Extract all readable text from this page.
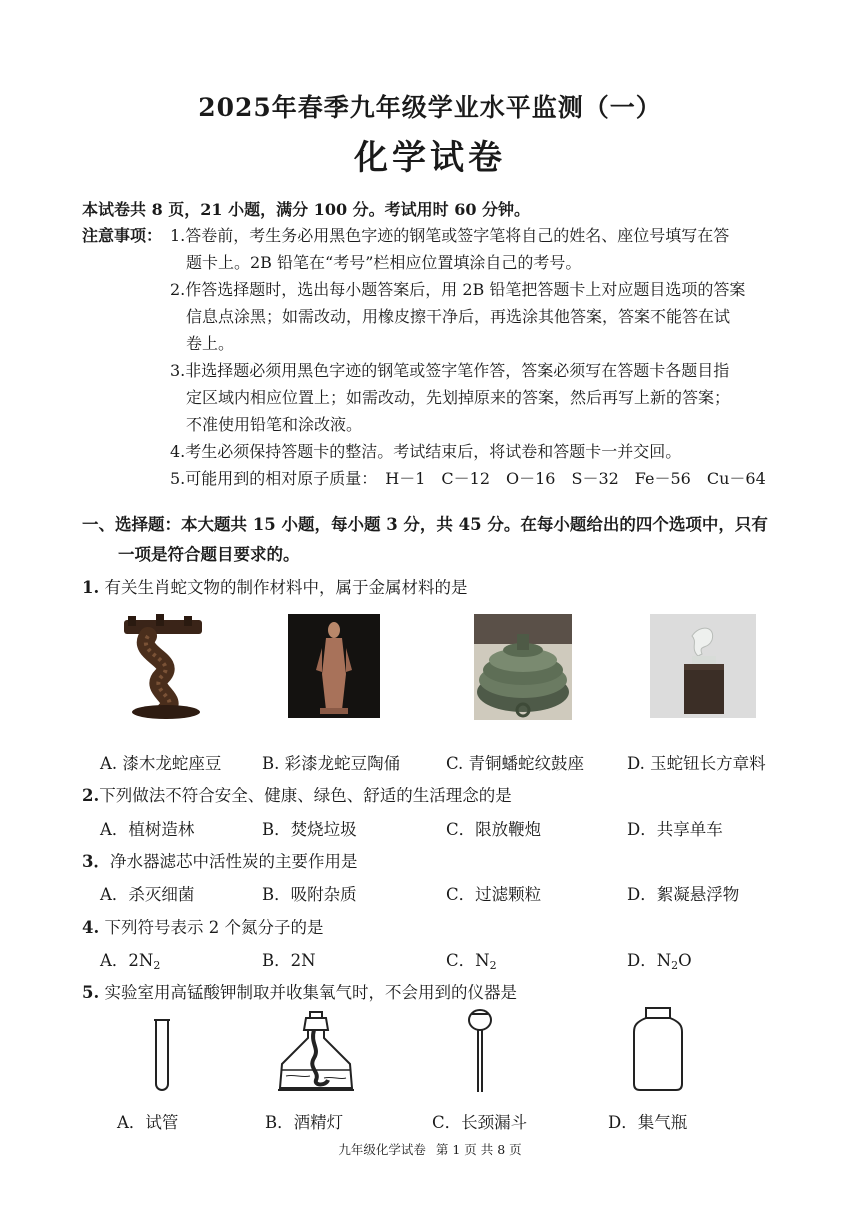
2025年春季九年级学业水平监测（一）
化学试卷
本试卷共 8 页，21 小题，满分 100 分。考试用时 60 分钟。
注意事项： 1.答卷前，考生务必用黑色字迹的钢笔或签字笔将自己的姓名、座位号填写在答
题卡上。2B 铅笔在“考号”栏相应位置填涂自己的考号。
2.作答选择题时，选出每小题答案后，用 2B 铅笔把答题卡上对应题目选项的答案
信息点涂黑；如需改动，用橡皮擦干净后，再选涂其他答案，答案不能答在试
卷上。
3.非选择题必须用黑色字迹的钢笔或签字笔作答，答案必须写在答题卡各题目指
定区域内相应位置上；如需改动，先划掉原来的答案，然后再写上新的答案；
不准使用铅笔和涂改液。
4.考生必须保持答题卡的整洁。考试结束后，将试卷和答题卡一并交回。
5.可能用到的相对原子质量：　H－1　C－12　O－16　S－32　Fe－56　Cu－64
一、选择题：本大题共 15 小题，每小题 3 分，共 45 分。在每小题给出的四个选项中，只有
一项是符合题目要求的。
1. 有关生肖蛇文物的制作材料中，属于金属材料的是
A. 漆木龙蛇座豆 B. 彩漆龙蛇豆陶俑	C. 青铜蟠蛇纹鼓座	D. 玉蛇钮长方章料
2.下列做法不符合安全、健康、绿色、舒适的生活理念的是
A．植树造林	B．焚烧垃圾	C．限放鞭炮	D．共享单车
3．净水器滤芯中活性炭的主要作用是
A．杀灭细菌	B．吸附杂质	C．过滤颗粒	D．絮凝悬浮物
4. 下列符号表示 2 个氮分子的是
A．$2N_2$	B．2N	C．$N_2$	D．$N_2O$
5. 实验室用高锰酸钾制取并收集氧气时，不会用到的仪器是
A．试管	B．酒精灯	C．长颈漏斗	D．集气瓶
九年级化学试卷 第 1 页 共 8 页
